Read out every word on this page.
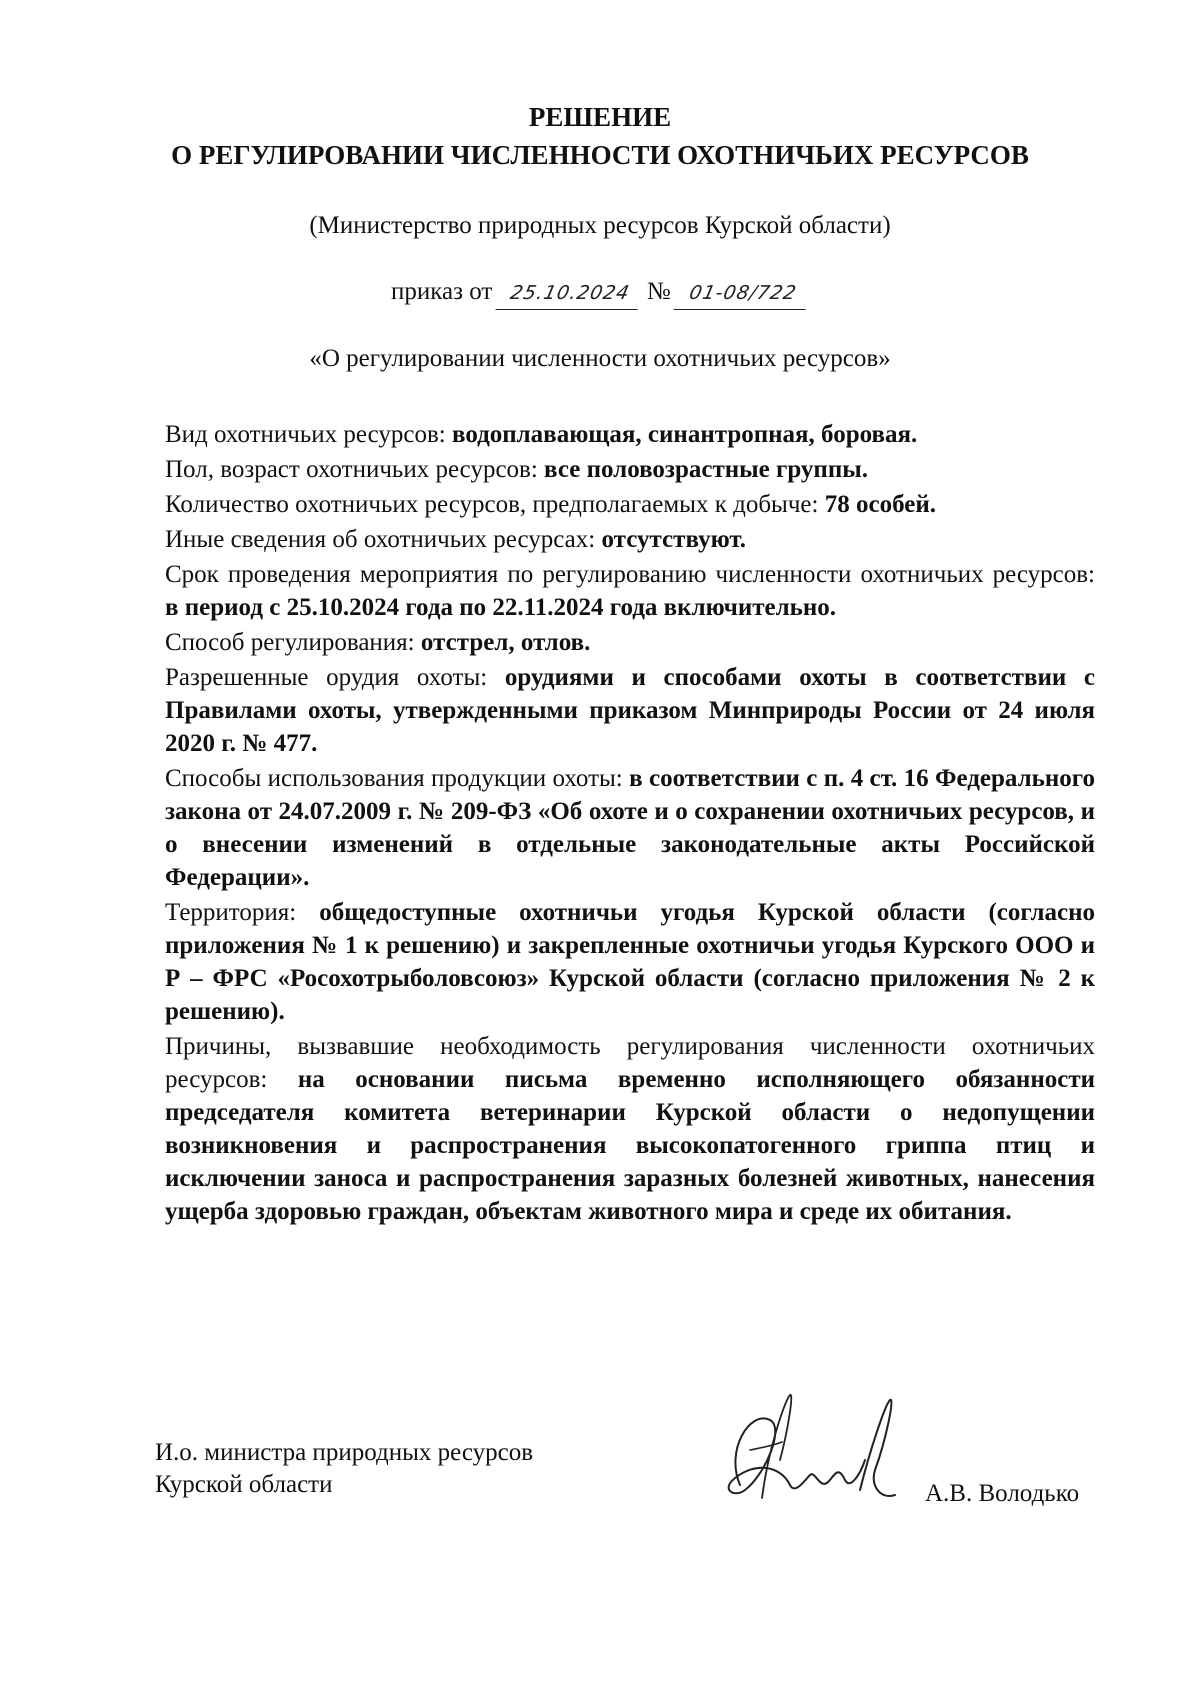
РЕШЕНИЕ
О РЕГУЛИРОВАНИИ ЧИСЛЕННОСТИ ОХОТНИЧЬИХ РЕСУРСОВ
(Министерство природных ресурсов Курской области)
приказ от 25.10.2024 № 01-08/722
«О регулировании численности охотничьих ресурсов»

Вид охотничьих ресурсов: водоплавающая, синантропная, боровая.

Пол, возраст охотничьих ресурсов: все половозрастные группы.

Количество охотничьих ресурсов, предполагаемых к добыче: 78 особей.

Иные сведения об охотничьих ресурсах: отсутствуют.

Срок проведения мероприятия по регулированию численности охотничьих ресурсов: в период с 25.10.2024 года по 22.11.2024 года включительно.

Способ регулирования: отстрел, отлов.

Разрешенные орудия охоты: орудиями и способами охоты в соответствии с Правилами охоты, утвержденными приказом Минприроды России от 24 июля 2020 г. № 477.

Способы использования продукции охоты: в соответствии с п. 4 ст. 16 Федерального закона от 24.07.2009 г. № 209-ФЗ «Об охоте и о сохранении охотничьих ресурсов, и о внесении изменений в отдельные законодательные акты Российской Федерации».

Территория: общедоступные охотничьи угодья Курской области (согласно приложения № 1 к решению) и закрепленные охотничьи угодья Курского ООО и Р – ФРС «Росохотрыболовсоюз» Курской области (согласно приложения № 2 к решению).

Причины, вызвавшие необходимость регулирования численности охотничьих ресурсов: на основании письма временно исполняющего обязанности председателя комитета ветеринарии Курской области о недопущении возникновения и распространения высокопатогенного гриппа птиц и исключении заноса и распространения заразных болезней животных, нанесения ущерба здоровью граждан, объектам животного мира и среде их обитания.

И.о. министра природных ресурсов
Курской области	А.В. Володько
